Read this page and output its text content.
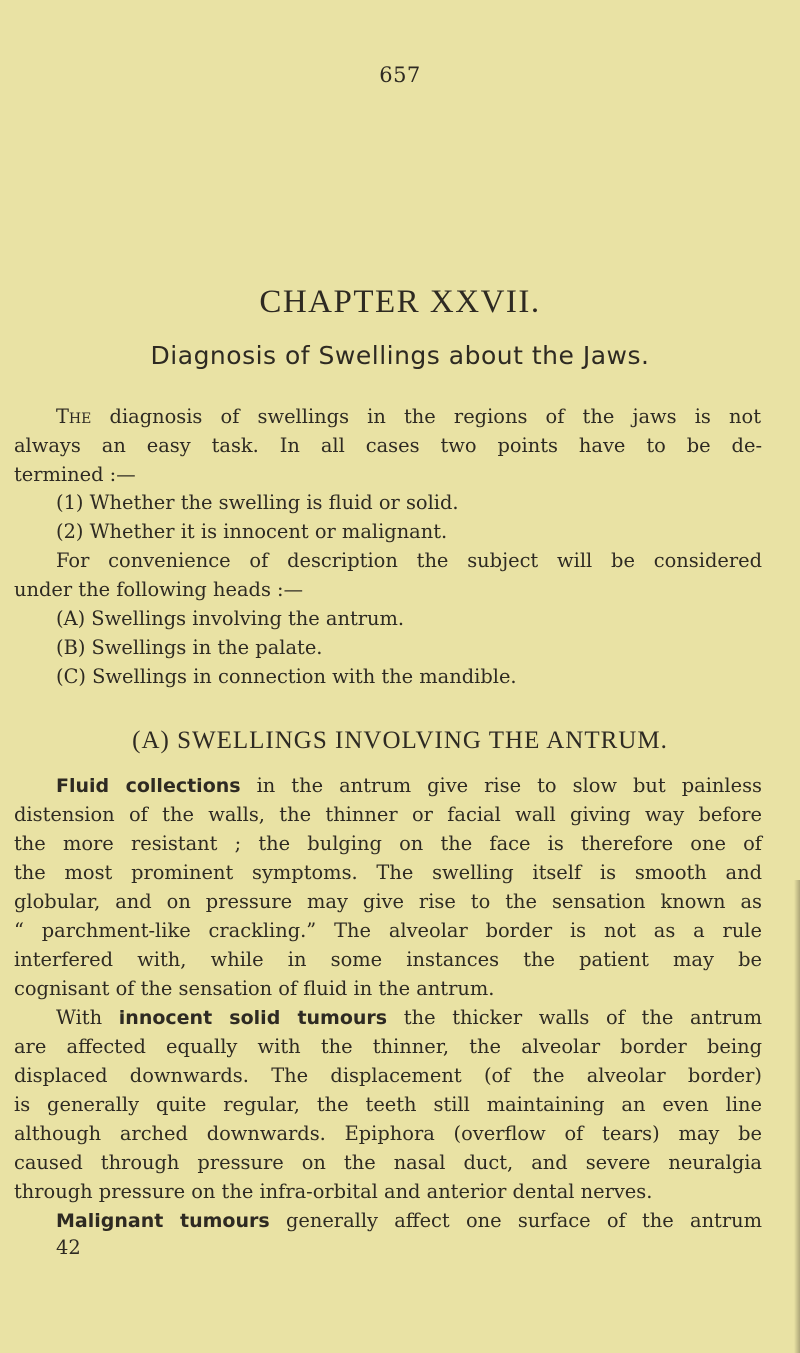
657
CHAPTER XXVII.
Diagnosis of Swellings about the Jaws.
The diagnosis of swellings in the regions of the jaws is not
always an easy task. In all cases two points have to be de-
termined :—
(1) Whether the swelling is fluid or solid.
(2) Whether it is innocent or malignant.
For convenience of description the subject will be considered
under the following heads :—
(A) Swellings involving the antrum.
(B) Swellings in the palate.
(C) Swellings in connection with the mandible.
(A) SWELLINGS INVOLVING THE ANTRUM.
Fluid collections in the antrum give rise to slow but painless
distension of the walls, the thinner or facial wall giving way before
the more resistant ; the bulging on the face is therefore one of
the most prominent symptoms. The swelling itself is smooth and
globular, and on pressure may give rise to the sensation known as
“ parchment-like crackling.” The alveolar border is not as a rule
interfered with, while in some instances the patient may be
cognisant of the sensation of fluid in the antrum.
With innocent solid tumours the thicker walls of the antrum
are affected equally with the thinner, the alveolar border being
displaced downwards. The displacement (of the alveolar border)
is generally quite regular, the teeth still maintaining an even line
although arched downwards. Epiphora (overflow of tears) may be
caused through pressure on the nasal duct, and severe neuralgia
through pressure on the infra-orbital and anterior dental nerves.
Malignant tumours generally affect one surface of the antrum
42
